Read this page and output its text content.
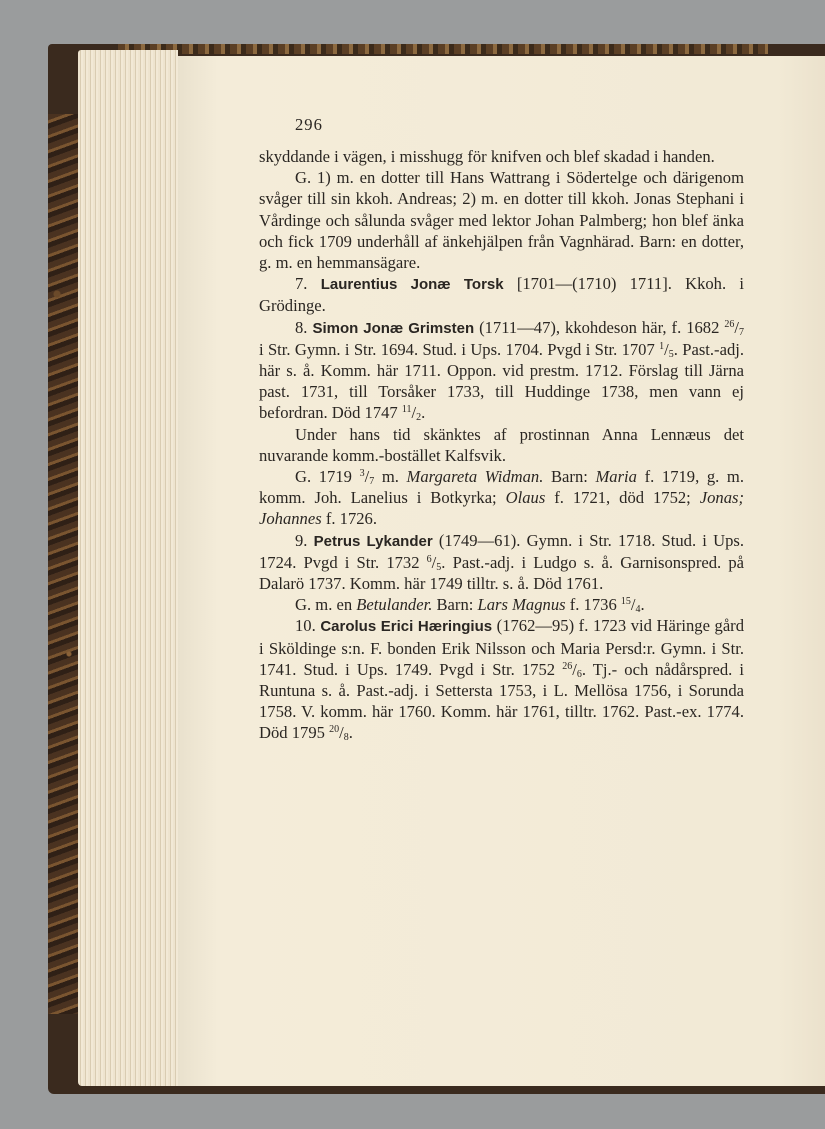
296

skyddande i vägen, i misshugg för knifven och blef skadad i handen.

G. 1) m. en dotter till Hans Wattrang i Södertelge och därigenom svåger till sin kkoh. Andreas; 2) m. en dotter till kkoh. Jonas Stephani i Vårdinge och sålunda svåger med lektor Johan Palmberg; hon blef änka och fick 1709 underhåll af änkehjälpen från Vagnhärad. Barn: en dotter, g. m. en hemmansägare.

7. Laurentius Jonæ Torsk [1701—(1710) 1711]. Kkoh. i Grödinge.

8. Simon Jonæ Grimsten (1711—47), kkohdeson här, f. 1682 $^{26}/_7$ i Str. Gymn. i Str. 1694. Stud. i Ups. 1704. Pvgd i Str. 1707 $^1/_5$. Past.-adj. här s. å. Komm. här 1711. Oppon. vid prestm. 1712. Förslag till Järna past. 1731, till Torsåker 1733, till Huddinge 1738, men vann ej befordran. Död 1747 $^{11}/_2$.

Under hans tid skänktes af prostinnan Anna Lennæus det nuvarande komm.-bostället Kalfsvik.

G. 1719 $^3/_7$ m. Margareta Widman. Barn: Maria f. 1719, g. m. komm. Joh. Lanelius i Botkyrka; Olaus f. 1721, död 1752; Jonas; Johannes f. 1726.

9. Petrus Lykander (1749—61). Gymn. i Str. 1718. Stud. i Ups. 1724. Pvgd i Str. 1732 $^6/_5$. Past.-adj. i Ludgo s. å. Garnisonspred. på Dalarö 1737. Komm. här 1749 tilltr. s. å. Död 1761.

G. m. en Betulander. Barn: Lars Magnus f. 1736 $^{15}/_4$.

10. Carolus Erici Hæringius (1762—95) f. 1723 vid Häringe gård i Sköldinge s:n. F. bonden Erik Nilsson och Maria Persd:r. Gymn. i Str. 1741. Stud. i Ups. 1749. Pvgd i Str. 1752 $^{26}/_6$. Tj.- och nådårspred. i Runtuna s. å. Past.-adj. i Settersta 1753, i L. Mellösa 1756, i Sorunda 1758. V. komm. här 1760. Komm. här 1761, tilltr. 1762. Past.-ex. 1774. Död 1795 $^{20}/_8$.
